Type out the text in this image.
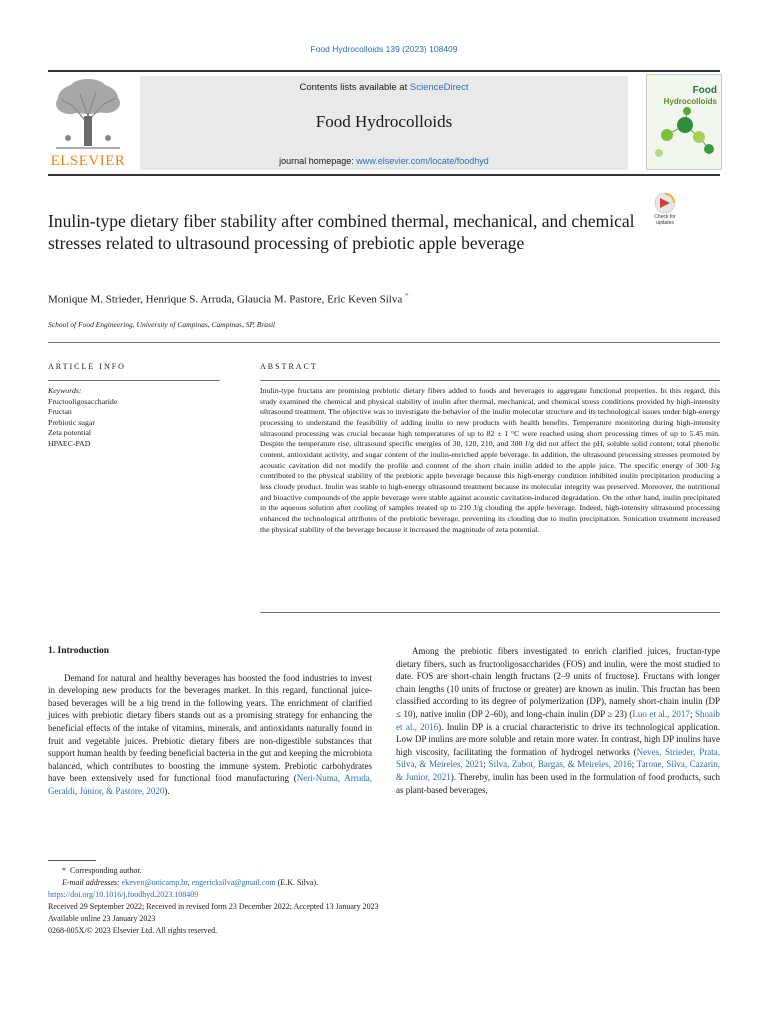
Food Hydrocolloids 139 (2023) 108409
ELSEVIER
Contents lists available at ScienceDirect
Food Hydrocolloids
journal homepage: www.elsevier.com/locate/foodhyd
Food
Hydrocolloids
Inulin-type dietary fiber stability after combined thermal, mechanical, and chemical stresses related to ultrasound processing of prebiotic apple beverage
Check for
updates
Monique M. Strieder, Henrique S. Arruda, Glaucia M. Pastore, Eric Keven Silva *
School of Food Engineering, University of Campinas, Campinas, SP, Brasil
ARTICLE INFO	ABSTRACT
Keywords:
Fructooligosaccharide
Fructan
Prebiotic sugar
Zeta potential
HPAEC-PAD
Inulin-type fructans are promising prebiotic dietary fibers added to foods and beverages to aggregate functional properties. In this regard, this study examined the chemical and physical stability of inulin after thermal, mechanical, and chemical stress conditions provided by high-intensity ultrasound treatment. The objective was to investigate the behavior of the inulin molecular structure and its technological issues under high-energy processing to understand the feasibility of adding inulin to new products with health benefits. Temperature monitoring during high-intensity ultrasound processing was crucial because high temperatures of up to 82 ± 1 °C were reached using short processing times of up to 5.45 min. Despite the temperature rise, ultrasound specific energies of 30, 120, 210, and 300 J/g did not affect the pH, soluble solid content, total phenolic content, antioxidant activity, and sugar content of the inulin-enriched apple beverage. In addition, the ultrasound processing stresses promoted by acoustic cavitation did not modify the profile and content of the short chain inulin added to the apple juice. The specific energy of 300 J/g contributed to the physical stability of the prebiotic apple beverage because this high-energy condition inhibited inulin precipitation producing a less cloudy product. Inulin was stable to high-energy ultrasound treatment because its molecular integrity was preserved. Moreover, the nutritional and bioactive compounds of the apple beverage were stable against acoustic cavitation-induced degradation. On the other hand, inulin precipitated in the aqueous solution after cooling of samples treated up to 210 J/g clouding the apple beverage. Indeed, high-intensity ultrasound processing enhanced the technological attributes of the prebiotic beverage, preventing its clouding due to inulin precipitation. Sonication treatment increased the physical stability of the beverage because it increased the magnitude of zeta potential.
1. Introduction

Demand for natural and healthy beverages has boosted the food industries to invest in developing new products for the beverages market. In this regard, functional juice-based beverages will be a big trend in the following years. The enrichment of clarified juices with prebiotic dietary fibers stands out as a promising strategy for enhancing the beneficial effects of the intake of vitamins, minerals, and antioxidants naturally found in fruit and vegetable juices. Prebiotic dietary fibers are non-digestible substances that support human health by feeding beneficial bacteria in the gut and keeping the microbiota balanced, which contributes to boosting the immune system. Prebiotic carbohydrates have been extensively used for functional food manufacturing (Neri-Numa, Arruda, Geraldi, Júnior, & Pastore, 2020).

Among the prebiotic fibers investigated to enrich clarified juices, fructan-type dietary fibers, such as fructooligosaccharides (FOS) and inulin, were the most studied to date. FOS are short-chain length fructans (2–9 units of fructose). Fructans with longer chain lengths (10 units of fructose or greater) are known as inulin. This fructan has been classified according to its degree of polymerization (DP), namely short-chain inulin (DP ≤ 10), native inulin (DP 2–60), and long-chain inulin (DP ≥ 23) (Luo et al., 2017; Shoaib et al., 2016). Inulin DP is a crucial characteristic to drive its technological application. Low DP inulins are more soluble and retain more water. In contrast, high DP inulins have high viscosity, facilitating the formation of hydrogel networks (Neves, Strieder, Prata, Silva, & Meireles, 2021; Silva, Zabot, Bargas, & Meireles, 2016; Tarone, Silva, Cazarin, & Junior, 2021). Thereby, inulin has been used in the formulation of food products, such as plant-based beverages,

* Corresponding author.
E-mail addresses: ekeven@unicamp.br, engericksilva@gmail.com (E.K. Silva).
https://doi.org/10.1016/j.foodhyd.2023.108409
Received 29 September 2022; Received in revised form 23 December 2022; Accepted 13 January 2023
Available online 23 January 2023
0268-005X/© 2023 Elsevier Ltd. All rights reserved.
